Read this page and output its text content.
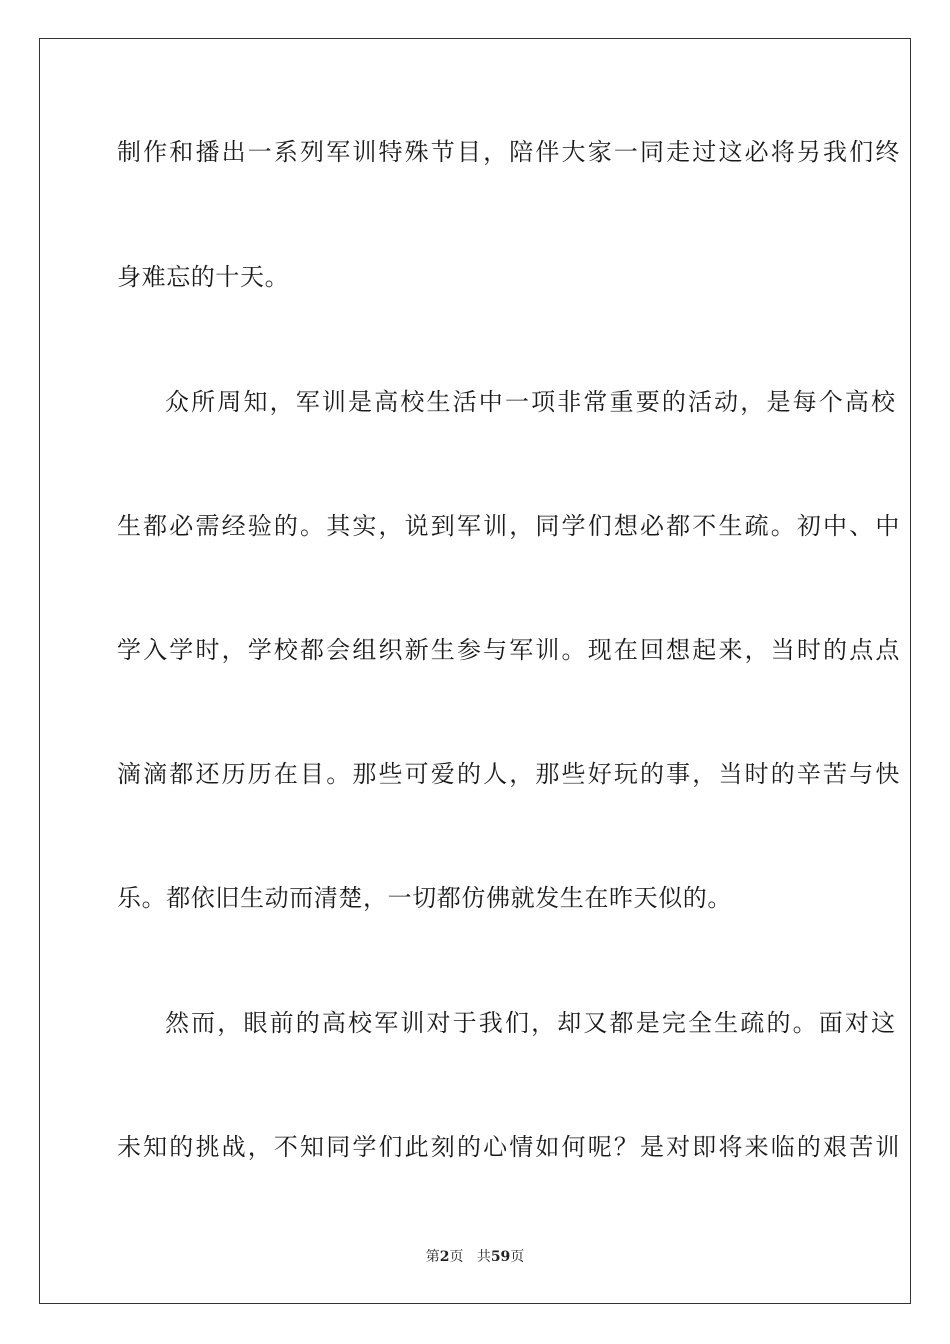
制作和播出一系列军训特殊节目，陪伴大家一同走过这必将另我们终
身难忘的十天。
众所周知，军训是高校生活中一项非常重要的活动，是每个高校
生都必需经验的。其实，说到军训，同学们想必都不生疏。初中、中
学入学时，学校都会组织新生参与军训。现在回想起来，当时的点点
滴滴都还历历在目。那些可爱的人，那些好玩的事，当时的辛苦与快
乐。都依旧生动而清楚，一切都仿佛就发生在昨天似的。
然而，眼前的高校军训对于我们，却又都是完全生疏的。面对这
未知的挑战，不知同学们此刻的心情如何呢？是对即将来临的艰苦训
第2页 共59页
